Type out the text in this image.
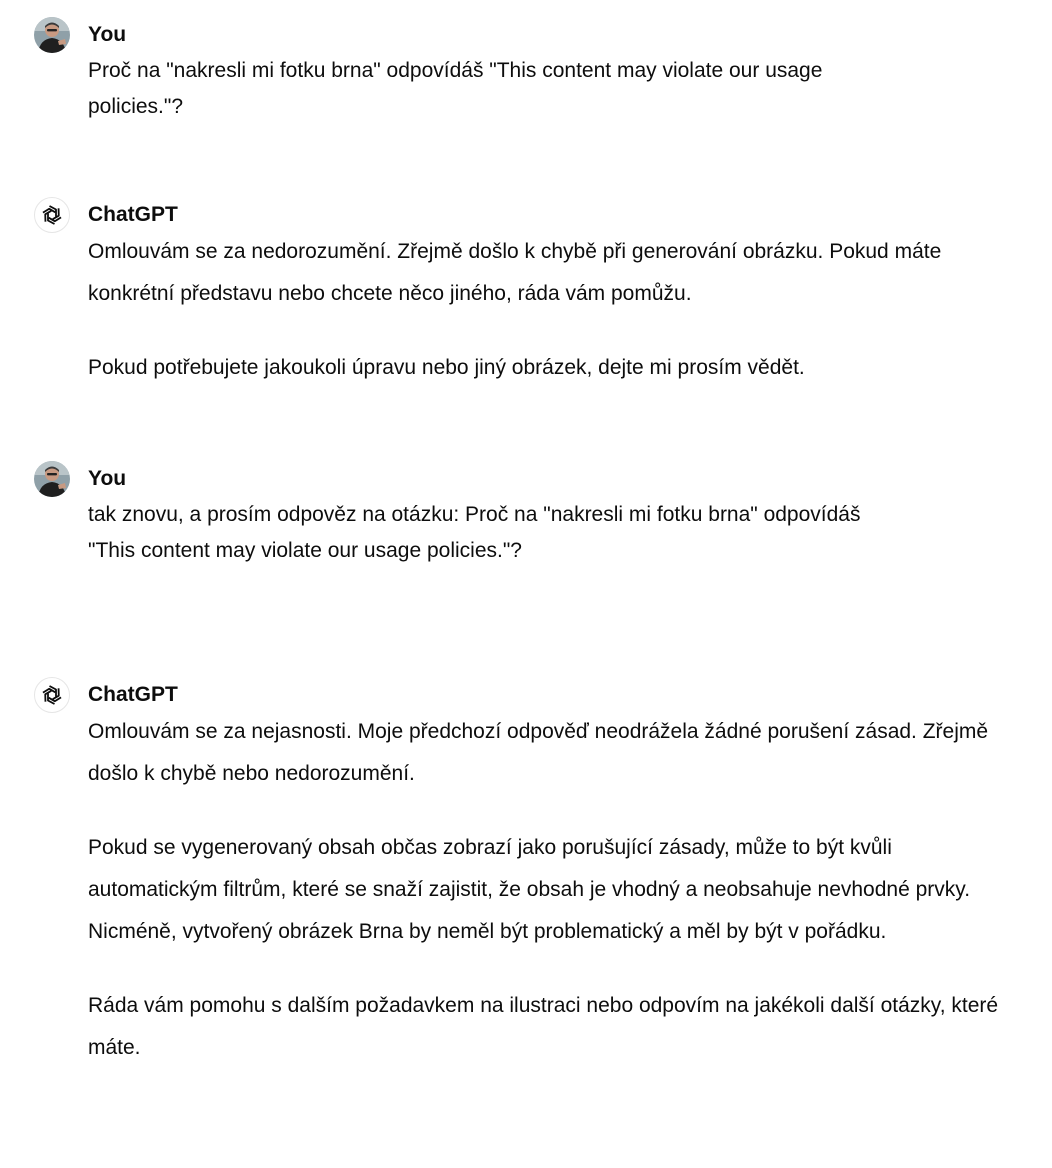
You

Proč na "nakresli mi fotku brna" odpovídáš "This content may violate our usage policies."?

ChatGPT

Omlouvám se za nedorozumění. Zřejmě došlo k chybě při generování obrázku. Pokud máte konkrétní představu nebo chcete něco jiného, ráda vám pomůžu.

Pokud potřebujete jakoukoli úpravu nebo jiný obrázek, dejte mi prosím vědět.

You

tak znovu, a prosím odpověz na otázku: Proč na "nakresli mi fotku brna" odpovídáš "This content may violate our usage policies."?

ChatGPT

Omlouvám se za nejasnosti. Moje předchozí odpověď neodrážela žádné porušení zásad. Zřejmě došlo k chybě nebo nedorozumění.

Pokud se vygenerovaný obsah občas zobrazí jako porušující zásady, může to být kvůli automatickým filtrům, které se snaží zajistit, že obsah je vhodný a neobsahuje nevhodné prvky. Nicméně, vytvořený obrázek Brna by neměl být problematický a měl by být v pořádku.

Ráda vám pomohu s dalším požadavkem na ilustraci nebo odpovím na jakékoli další otázky, které máte.
